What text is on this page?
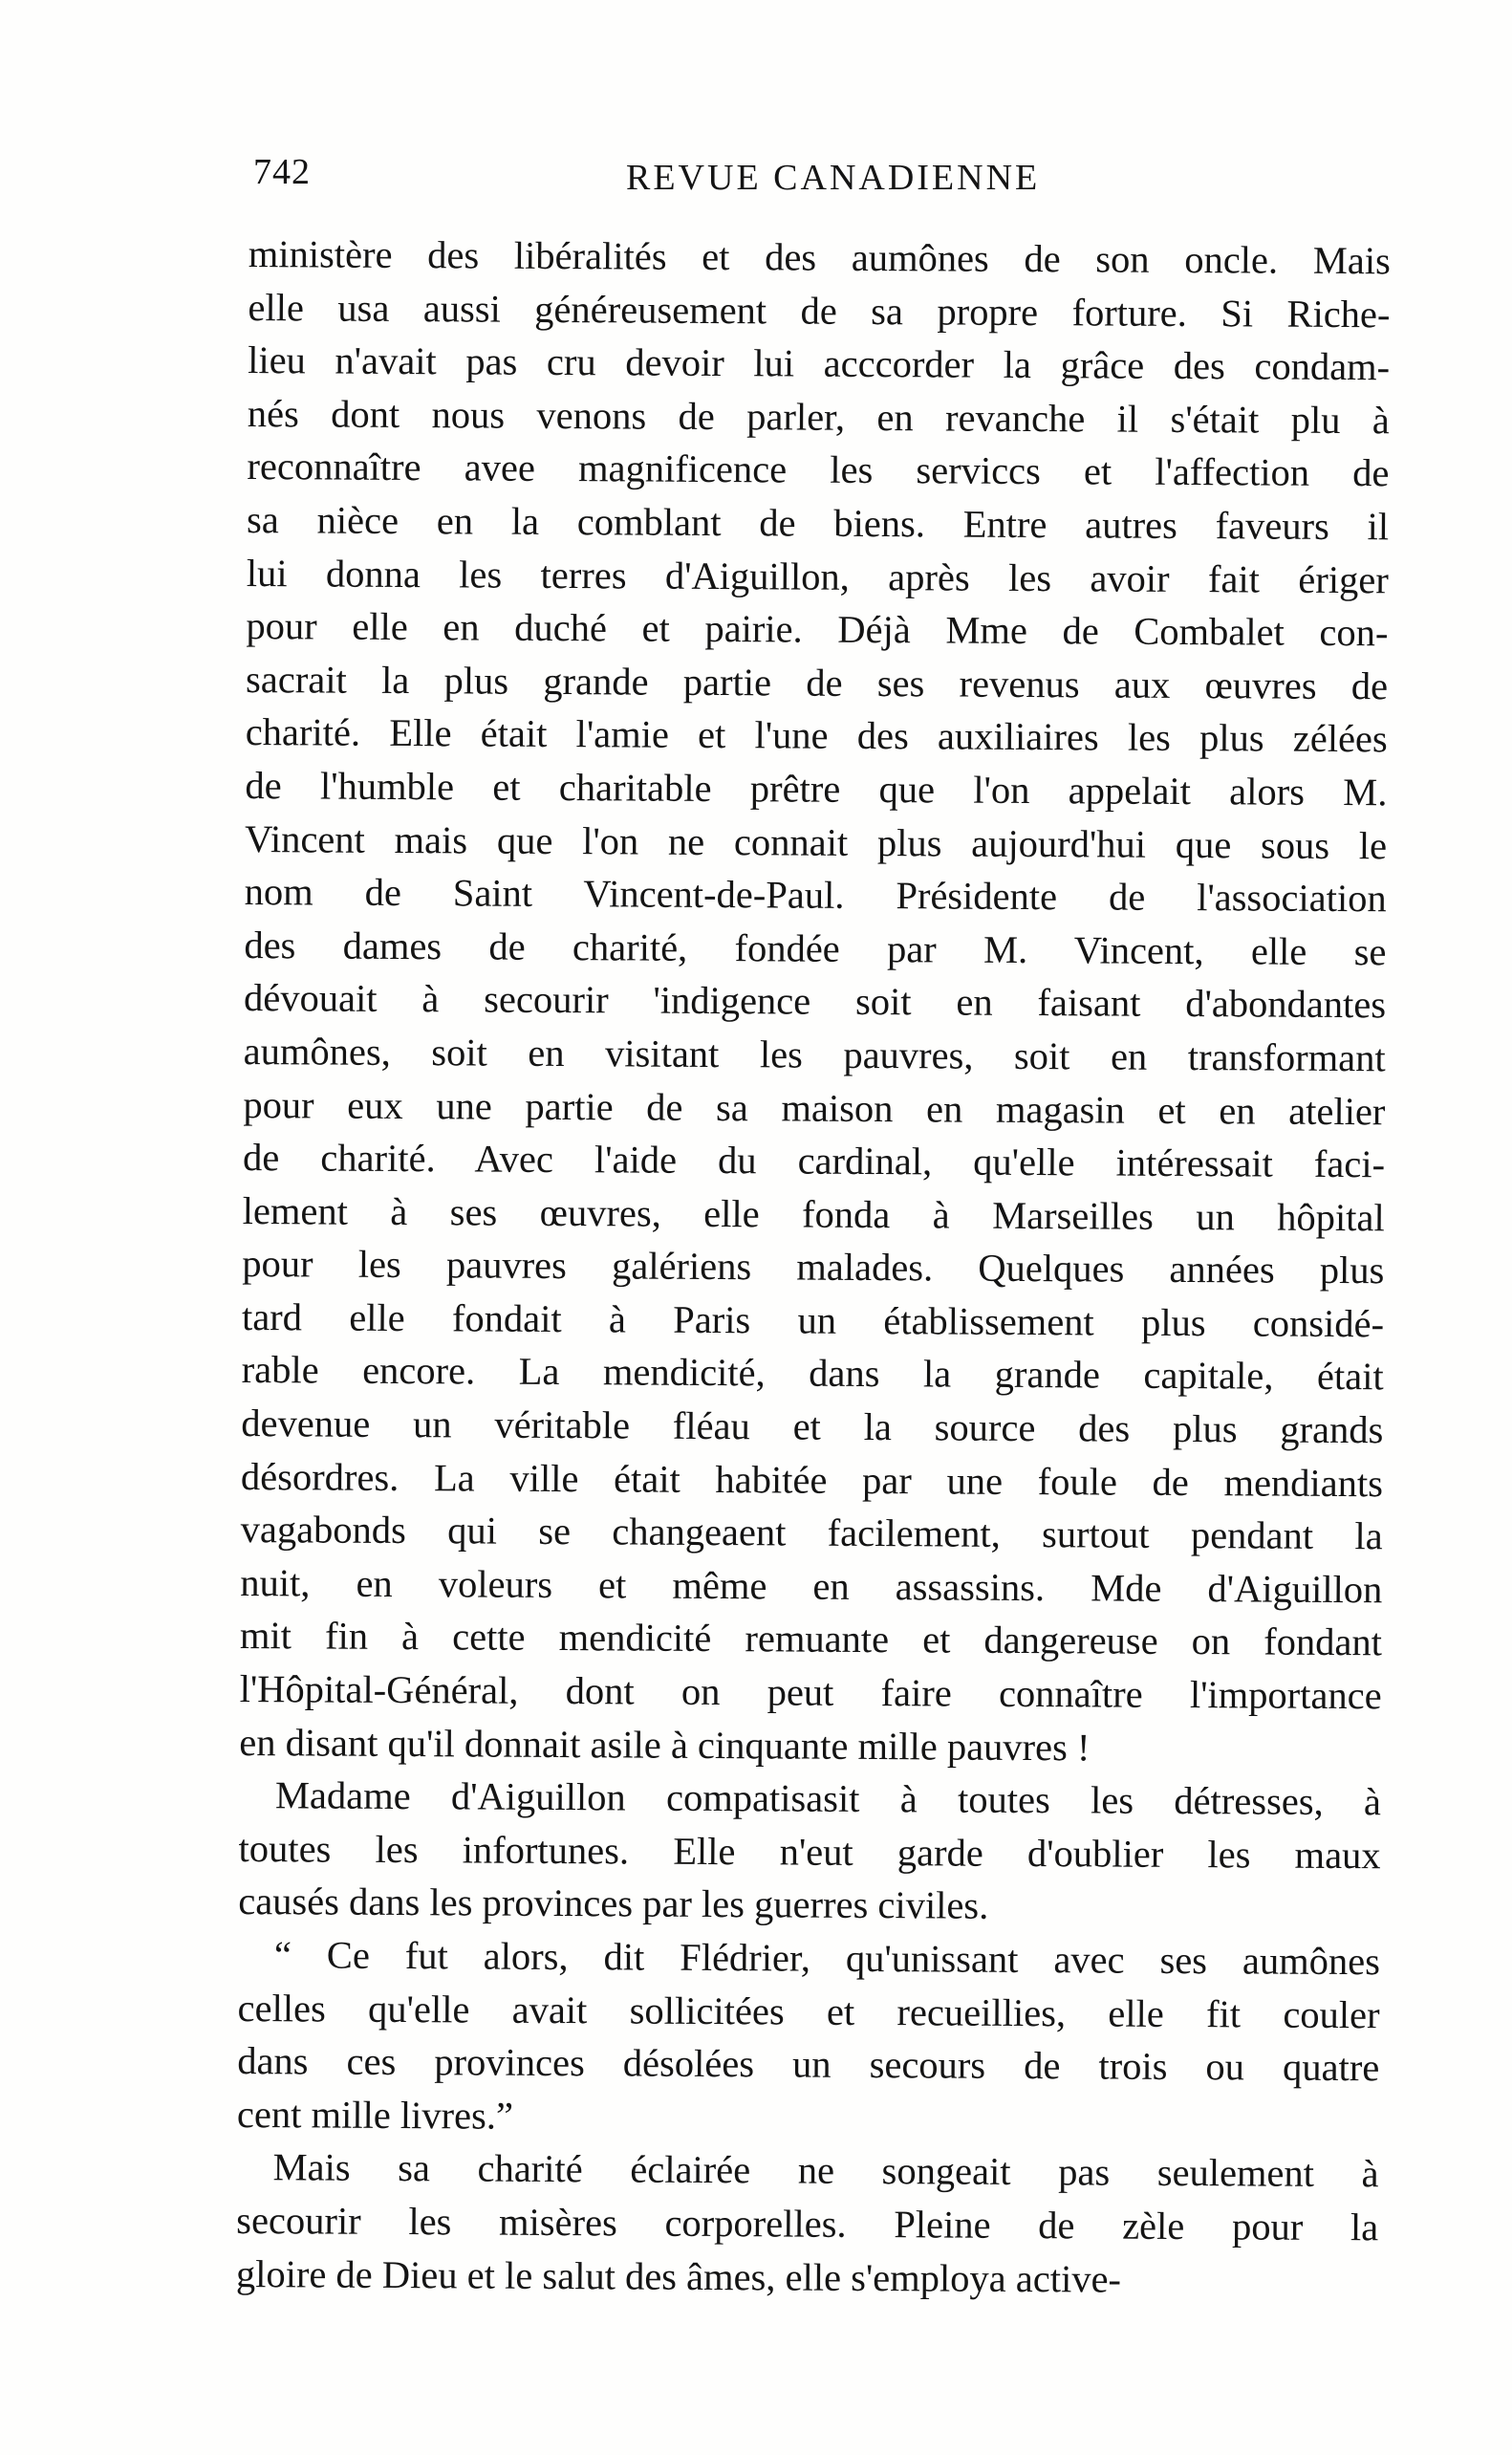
742	REVUE CANADIENNE
ministère des libéralités et des aumônes de son oncle. Mais
elle usa aussi généreusement de sa propre forture. Si Riche-
lieu n'avait pas cru devoir lui acccorder la grâce des condam-
nés dont nous venons de parler, en revanche il s'était plu à
reconnaître avee magnificence les serviccs et l'affection de
sa nièce en la comblant de biens. Entre autres faveurs il
lui donna les terres d'Aiguillon, après les avoir fait ériger
pour elle en duché et pairie. Déjà Mme de Combalet con-
sacrait la plus grande partie de ses revenus aux œuvres de
charité. Elle était l'amie et l'une des auxiliaires les plus zélées
de l'humble et charitable prêtre que l'on appelait alors M.
Vincent mais que l'on ne connait plus aujourd'hui que sous le
nom de Saint Vincent-de-Paul. Présidente de l'association
des dames de charité, fondée par M. Vincent, elle se
dévouait à secourir 'indigence soit en faisant d'abondantes
aumônes, soit en visitant les pauvres, soit en transformant
pour eux une partie de sa maison en magasin et en atelier
de charité. Avec l'aide du cardinal, qu'elle intéressait faci-
lement à ses œuvres, elle fonda à Marseilles un hôpital
pour les pauvres galériens malades. Quelques années plus
tard elle fondait à Paris un établissement plus considé-
rable encore. La mendicité, dans la grande capitale, était
devenue un véritable fléau et la source des plus grands
désordres. La ville était habitée par une foule de mendiants
vagabonds qui se changeaent facilement, surtout pendant la
nuit, en voleurs et même en assassins. Mde d'Aiguillon
mit fin à cette mendicité remuante et dangereuse on fondant
l'Hôpital-Général, dont on peut faire connaître l'importance
en disant qu'il donnait asile à cinquante mille pauvres !
Madame d'Aiguillon compatisasit à toutes les détresses, à
toutes les infortunes. Elle n'eut garde d'oublier les maux
causés dans les provinces par les guerres civiles.
“ Ce fut alors, dit Flédrier, qu'unissant avec ses aumônes
celles qu'elle avait sollicitées et recueillies, elle fit couler
dans ces provinces désolées un secours de trois ou quatre
cent mille livres.”
Mais sa charité éclairée ne songeait pas seulement à
secourir les misères corporelles. Pleine de zèle pour la
gloire de Dieu et le salut des âmes, elle s'employa active-
